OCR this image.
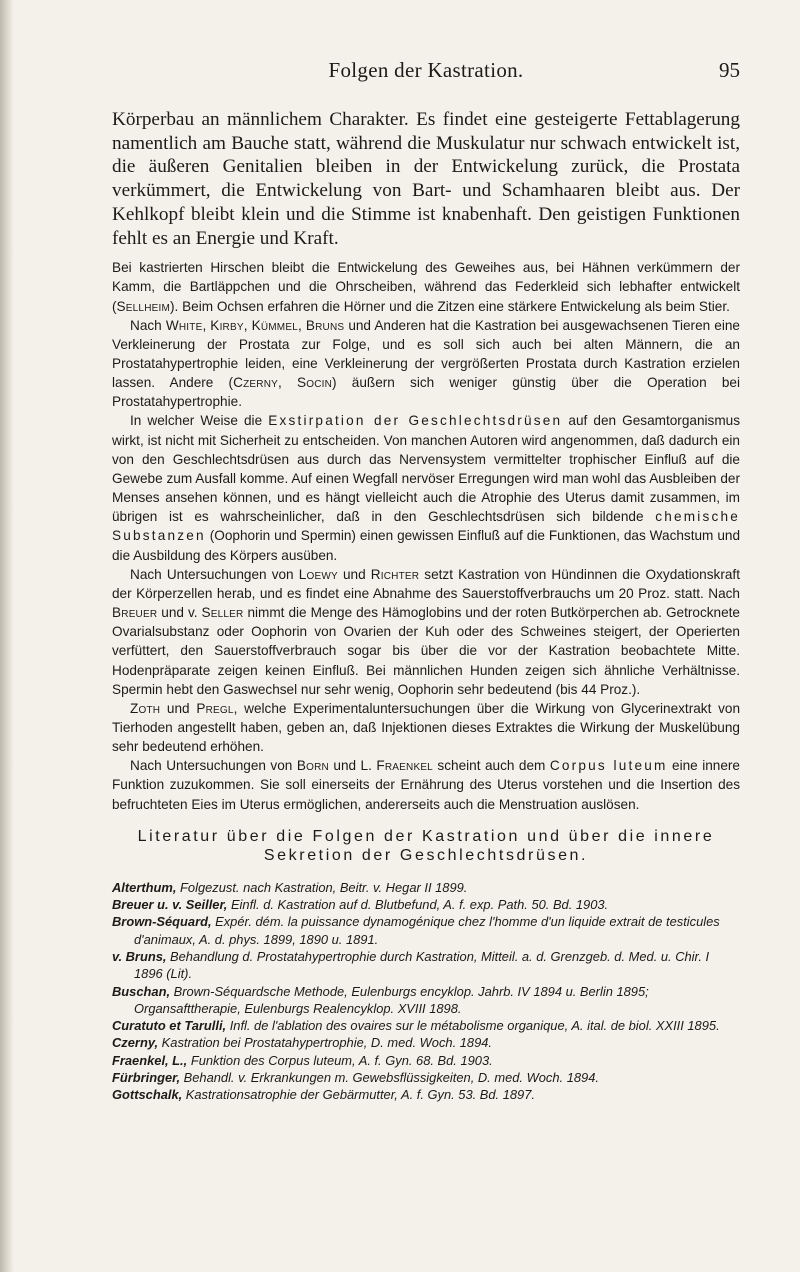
Folgen der Kastration.	95
Körperbau an männlichem Charakter. Es findet eine gesteigerte Fettablagerung namentlich am Bauche statt, während die Muskulatur nur schwach entwickelt ist, die äußeren Genitalien bleiben in der Entwickelung zurück, die Prostata verkümmert, die Entwickelung von Bart- und Schamhaaren bleibt aus. Der Kehlkopf bleibt klein und die Stimme ist knabenhaft. Den geistigen Funktionen fehlt es an Energie und Kraft.

Bei kastrierten Hirschen bleibt die Entwickelung des Geweihes aus, bei Hähnen verkümmern der Kamm, die Bartläppchen und die Ohrscheiben, während das Federkleid sich lebhafter entwickelt (Sellheim). Beim Ochsen erfahren die Hörner und die Zitzen eine stärkere Entwickelung als beim Stier.

Nach White, Kirby, Kümmel, Bruns und Anderen hat die Kastration bei ausgewachsenen Tieren eine Verkleinerung der Prostata zur Folge, und es soll sich auch bei alten Männern, die an Prostatahypertrophie leiden, eine Verkleinerung der vergrößerten Prostata durch Kastration erzielen lassen. Andere (Czerny, Socin) äußern sich weniger günstig über die Operation bei Prostatahypertrophie.

In welcher Weise die Exstirpation der Geschlechtsdrüsen auf den Gesamtorganismus wirkt, ist nicht mit Sicherheit zu entscheiden. Von manchen Autoren wird angenommen, daß dadurch ein von den Geschlechtsdrüsen aus durch das Nervensystem vermittelter trophischer Einfluß auf die Gewebe zum Ausfall komme. Auf einen Wegfall nervöser Erregungen wird man wohl das Ausbleiben der Menses ansehen können, und es hängt vielleicht auch die Atrophie des Uterus damit zusammen, im übrigen ist es wahrscheinlicher, daß in den Geschlechtsdrüsen sich bildende chemische Substanzen (Oophorin und Spermin) einen gewissen Einfluß auf die Funktionen, das Wachstum und die Ausbildung des Körpers ausüben.

Nach Untersuchungen von Loewy und Richter setzt Kastration von Hündinnen die Oxydationskraft der Körperzellen herab, und es findet eine Abnahme des Sauerstoffverbrauchs um 20 Proz. statt. Nach Breuer und v. Seller nimmt die Menge des Hämoglobins und der roten Butkörperchen ab. Getrocknete Ovarialsubstanz oder Oophorin von Ovarien der Kuh oder des Schweines steigert, der Operierten verfüttert, den Sauerstoffverbrauch sogar bis über die vor der Kastration beobachtete Mitte. Hodenpräparate zeigen keinen Einfluß. Bei männlichen Hunden zeigen sich ähnliche Verhältnisse. Spermin hebt den Gaswechsel nur sehr wenig, Oophorin sehr bedeutend (bis 44 Proz.).

Zoth und Pregl, welche Experimentaluntersuchungen über die Wirkung von Glycerinextrakt von Tierhoden angestellt haben, geben an, daß Injektionen dieses Extraktes die Wirkung der Muskelübung sehr bedeutend erhöhen.

Nach Untersuchungen von Born und L. Fraenkel scheint auch dem Corpus luteum eine innere Funktion zuzukommen. Sie soll einerseits der Ernährung des Uterus vorstehen und die Insertion des befruchteten Eies im Uterus ermöglichen, andererseits auch die Menstruation auslösen.

Literatur über die Folgen der Kastration und über die innere Sekretion der Geschlechtsdrüsen.
Alterthum, Folgezust. nach Kastration, Beitr. v. Hegar II 1899.
Breuer u. v. Seiller, Einfl. d. Kastration auf d. Blutbefund, A. f. exp. Path. 50. Bd. 1903.
Brown-Séquard, Expér. dém. la puissance dynamogénique chez l'homme d'un liquide extrait de testicules d'animaux, A. d. phys. 1899, 1890 u. 1891.
v. Bruns, Behandlung d. Prostatahypertrophie durch Kastration, Mitteil. a. d. Grenzgeb. d. Med. u. Chir. I 1896 (Lit).
Buschan, Brown-Séquardsche Methode, Eulenburgs encyklop. Jahrb. IV 1894 u. Berlin 1895; Organsafttherapie, Eulenburgs Realencyklop. XVIII 1898.
Curatuto et Tarulli, Infl. de l'ablation des ovaires sur le métabolisme organique, A. ital. de biol. XXIII 1895.
Czerny, Kastration bei Prostatahypertrophie, D. med. Woch. 1894.
Fraenkel, L., Funktion des Corpus luteum, A. f. Gyn. 68. Bd. 1903.
Fürbringer, Behandl. v. Erkrankungen m. Gewebsflüssigkeiten, D. med. Woch. 1894.
Gottschalk, Kastrationsatrophie der Gebärmutter, A. f. Gyn. 53. Bd. 1897.
